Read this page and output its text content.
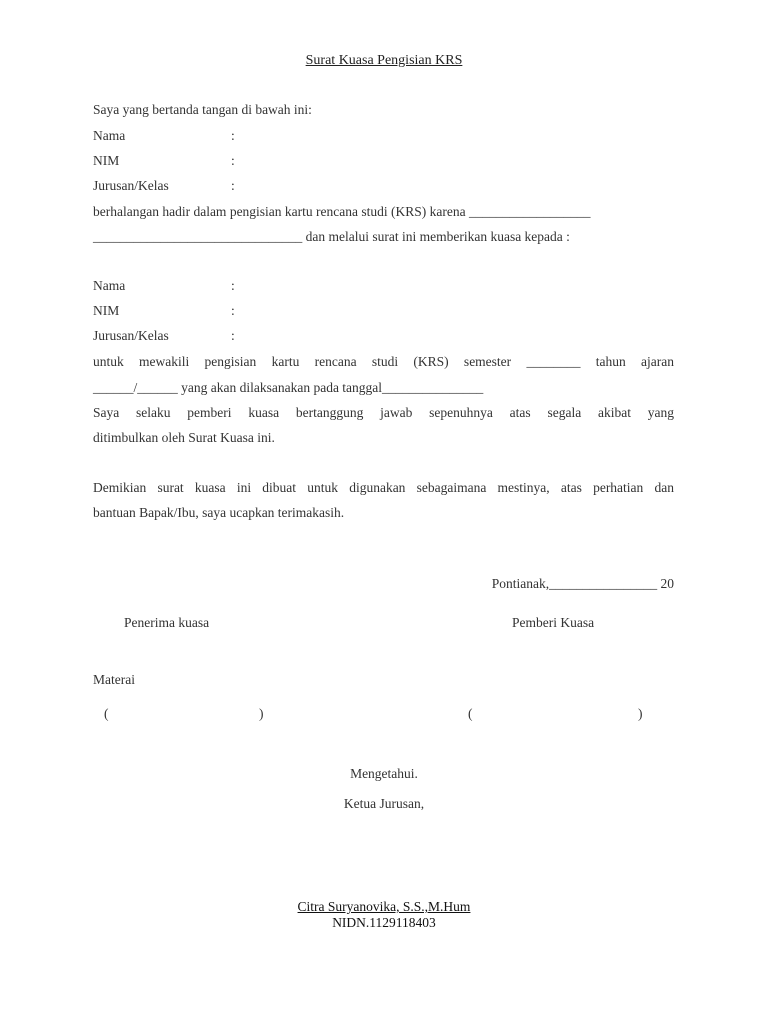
Surat Kuasa Pengisian KRS
Saya yang bertanda tangan di bawah ini:
Nama	:
NIM	:
Jurusan/Kelas	:
berhalangan hadir dalam pengisian kartu rencana studi (KRS) karena __________________
_______________________________ dan melalui surat ini memberikan kuasa kepada :
Nama	:
NIM	:
Jurusan/Kelas	:
untuk mewakili pengisian kartu rencana studi (KRS) semester ________ tahun ajaran
______/______ yang akan dilaksanakan pada tanggal_______________
Saya selaku pemberi kuasa bertanggung jawab sepenuhnya atas segala akibat yang
ditimbulkan oleh Surat Kuasa ini.
Demikian surat kuasa ini dibuat untuk digunakan sebagaimana mestinya, atas perhatian dan
bantuan Bapak/Ibu, saya ucapkan terimakasih.
Pontianak,________________ 20
Penerima kuasa	Pemberi Kuasa
Materai
(	)	(	)
Mengetahui.
Ketua Jurusan,
Citra Suryanovika, S.S.,M.Hum
NIDN.1129118403
